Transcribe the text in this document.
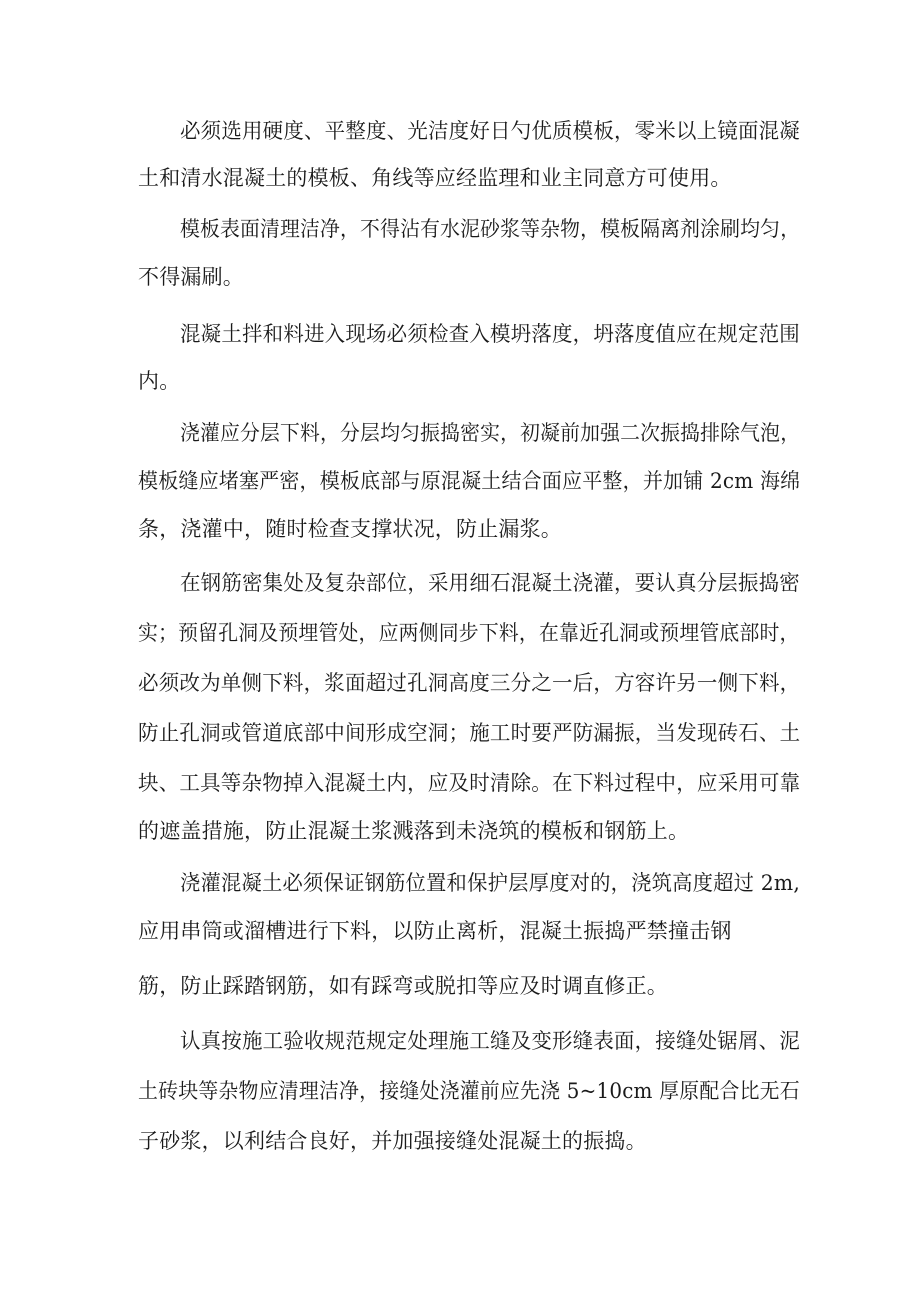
必须选用硬度、平整度、光洁度好日勺优质模板，零米以上镜面混凝
土和清水混凝土的模板、角线等应经监理和业主同意方可使用。
模板表面清理洁净，不得沾有水泥砂浆等杂物，模板隔离剂涂刷均匀，
不得漏刷。
混凝土拌和料进入现场必须检查入模坍落度，坍落度值应在规定范围
内。
浇灌应分层下料，分层均匀振捣密实，初凝前加强二次振捣排除气泡，
模板缝应堵塞严密，模板底部与原混凝土结合面应平整，并加铺 2cm 海绵
条，浇灌中，随时检查支撑状况，防止漏浆。
在钢筋密集处及复杂部位，采用细石混凝土浇灌，要认真分层振捣密
实；预留孔洞及预埋管处，应两侧同步下料，在靠近孔洞或预埋管底部时，
必须改为单侧下料，浆面超过孔洞高度三分之一后，方容许另一侧下料，
防止孔洞或管道底部中间形成空洞；施工时要严防漏振，当发现砖石、土
块、工具等杂物掉入混凝土内，应及时清除。在下料过程中，应采用可靠
的遮盖措施，防止混凝土浆溅落到未浇筑的模板和钢筋上。
浇灌混凝土必须保证钢筋位置和保护层厚度对的，浇筑高度超过 2m,
应用串筒或溜槽进行下料，以防止离析，混凝土振捣严禁撞击钢
筋，防止踩踏钢筋，如有踩弯或脱扣等应及时调直修正。
认真按施工验收规范规定处理施工缝及变形缝表面，接缝处锯屑、泥
土砖块等杂物应清理洁净，接缝处浇灌前应先浇 5~10cm 厚原配合比无石
子砂浆，以利结合良好，并加强接缝处混凝土的振捣。
